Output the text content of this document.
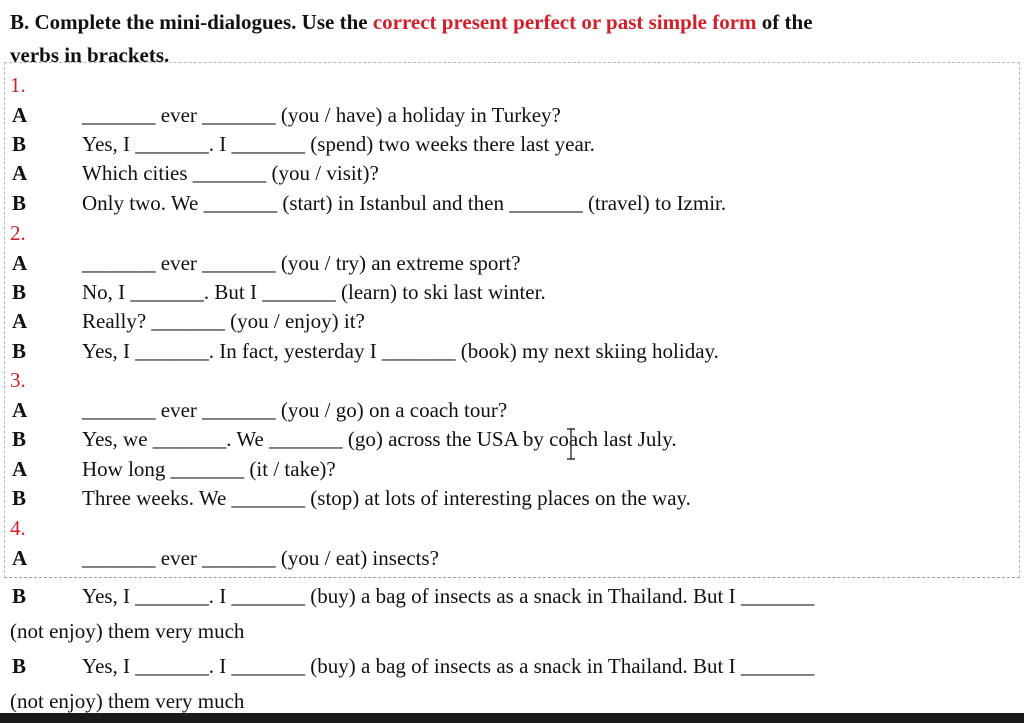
B. Complete the mini-dialogues. Use the correct present perfect or past simple form of the
verbs in brackets.
1.
A	_______ ever _______ (you / have) a holiday in Turkey?
B	Yes, I _______. I _______ (spend) two weeks there last year.
A	Which cities _______ (you / visit)?
B	Only two. We _______ (start) in Istanbul and then _______ (travel) to Izmir.
2.
A	_______ ever _______ (you / try) an extreme sport?
B	No, I _______. But I _______ (learn) to ski last winter.
A	Really? _______ (you / enjoy) it?
B	Yes, I _______. In fact, yesterday I _______ (book) my next skiing holiday.
3.
A	_______ ever _______ (you / go) on a coach tour?
B	Yes, we _______. We _______ (go) across the USA by coach last July.
A	How long _______ (it / take)?
B	Three weeks. We _______ (stop) at lots of interesting places on the way.
4.
A	_______ ever _______ (you / eat) insects?
B	Yes, I _______. I _______ (buy) a bag of insects as a snack in Thailand. But I _______
(not enjoy) them very much
B	Yes, I _______. I _______ (buy) a bag of insects as a snack in Thailand. But I _______
(not enjoy) them very much
